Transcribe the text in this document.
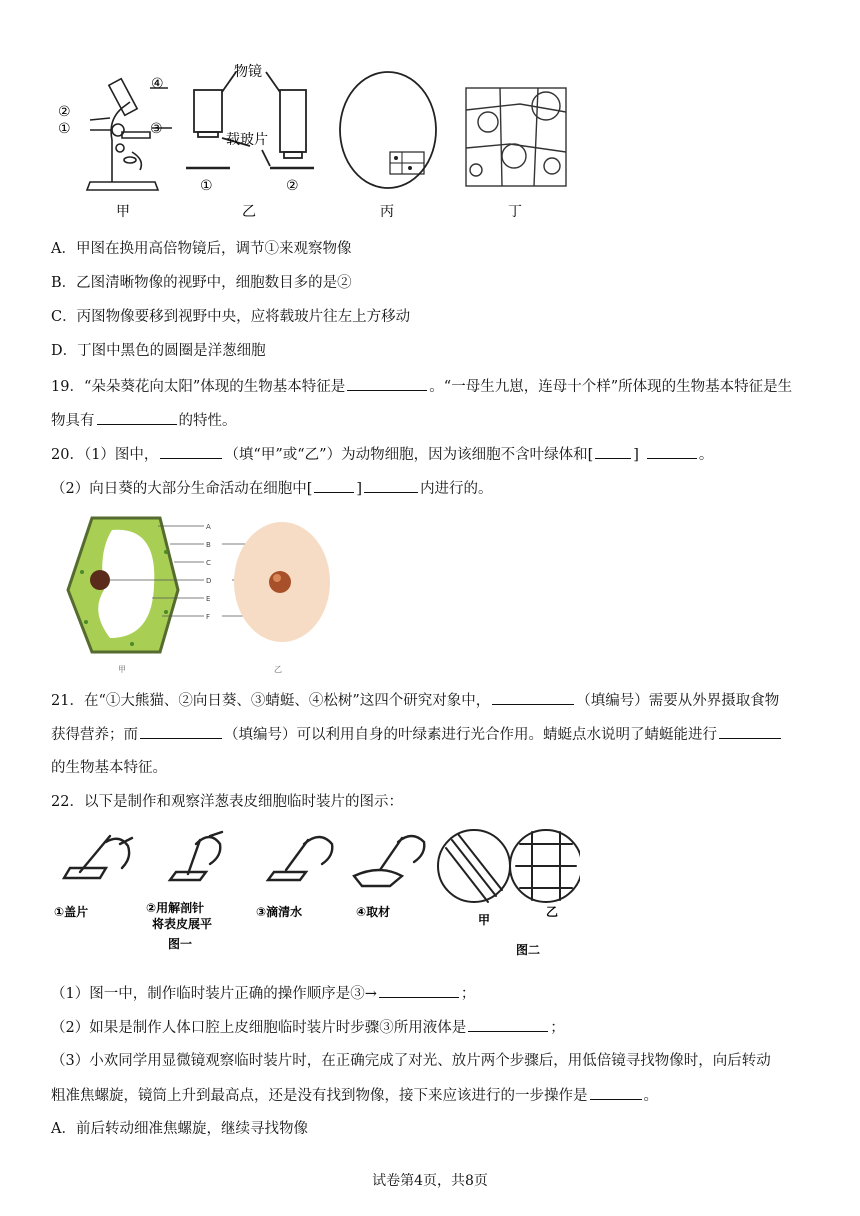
④
②
①	③
甲
物镜
载玻片
①	②
乙	丙	丁
A．甲图在换用高倍物镜后，调节①来观察物像
B．乙图清晰物像的视野中，细胞数目多的是②
C．丙图物像要移到视野中央，应将载玻片往左上方移动
D．丁图中黑色的圆圈是洋葱细胞
19．“朵朵葵花向太阳”体现的生物基本特征是	。“一母生九崽，连母十个样”所体现的生物基本特征是生
物具有	的特性。
20．（1）图中，	（填“甲”或“乙”）为动物细胞，因为该细胞不含叶绿体和[	]	。
（2）向日葵的大部分生命活动在细胞中[	]	内进行的。
A
B
C
D
E
F
甲	乙
21．在“①大熊猫、②向日葵、③蜻蜓、④松树”这四个研究对象中，	（填编号）需要从外界摄取食物
获得营养；而	（填编号）可以利用自身的叶绿素进行光合作用。蜻蜓点水说明了蜻蜓能进行
的生物基本特征。
22．以下是制作和观察洋葱表皮细胞临时装片的图示：
①盖片	②用解剖针
将表皮展平
③滴清水	④取材
图一
甲
乙
图二
（1）图一中，制作临时装片正确的操作顺序是③→	；
（2）如果是制作人体口腔上皮细胞临时装片时步骤③所用液体是	；
（3）小欢同学用显微镜观察临时装片时，在正确完成了对光、放片两个步骤后，用低倍镜寻找物像时，向后转动
粗准焦螺旋，镜筒上升到最高点，还是没有找到物像，接下来应该进行的一步操作是	。
A．前后转动细准焦螺旋，继续寻找物像
试卷第4页，共8页
